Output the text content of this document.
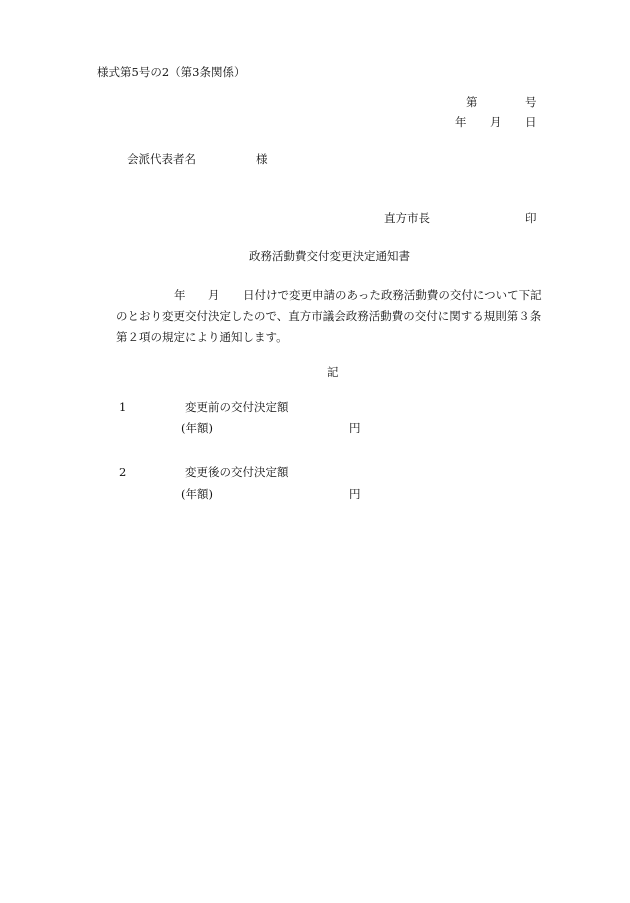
様式第5号の2（第3条関係）
第	号
年 月 日
会派代表者名	様
直方市長	印
政務活動費交付変更決定通知書
年 月 日付けで変更申請のあった政務活動費の交付について下記
のとおり変更交付決定したので、直方市議会政務活動費の交付に関する規則第３条
第２項の規定により通知します。
記
1	変更前の交付決定額
(年額)	円
2	変更後の交付決定額
(年額)	円
